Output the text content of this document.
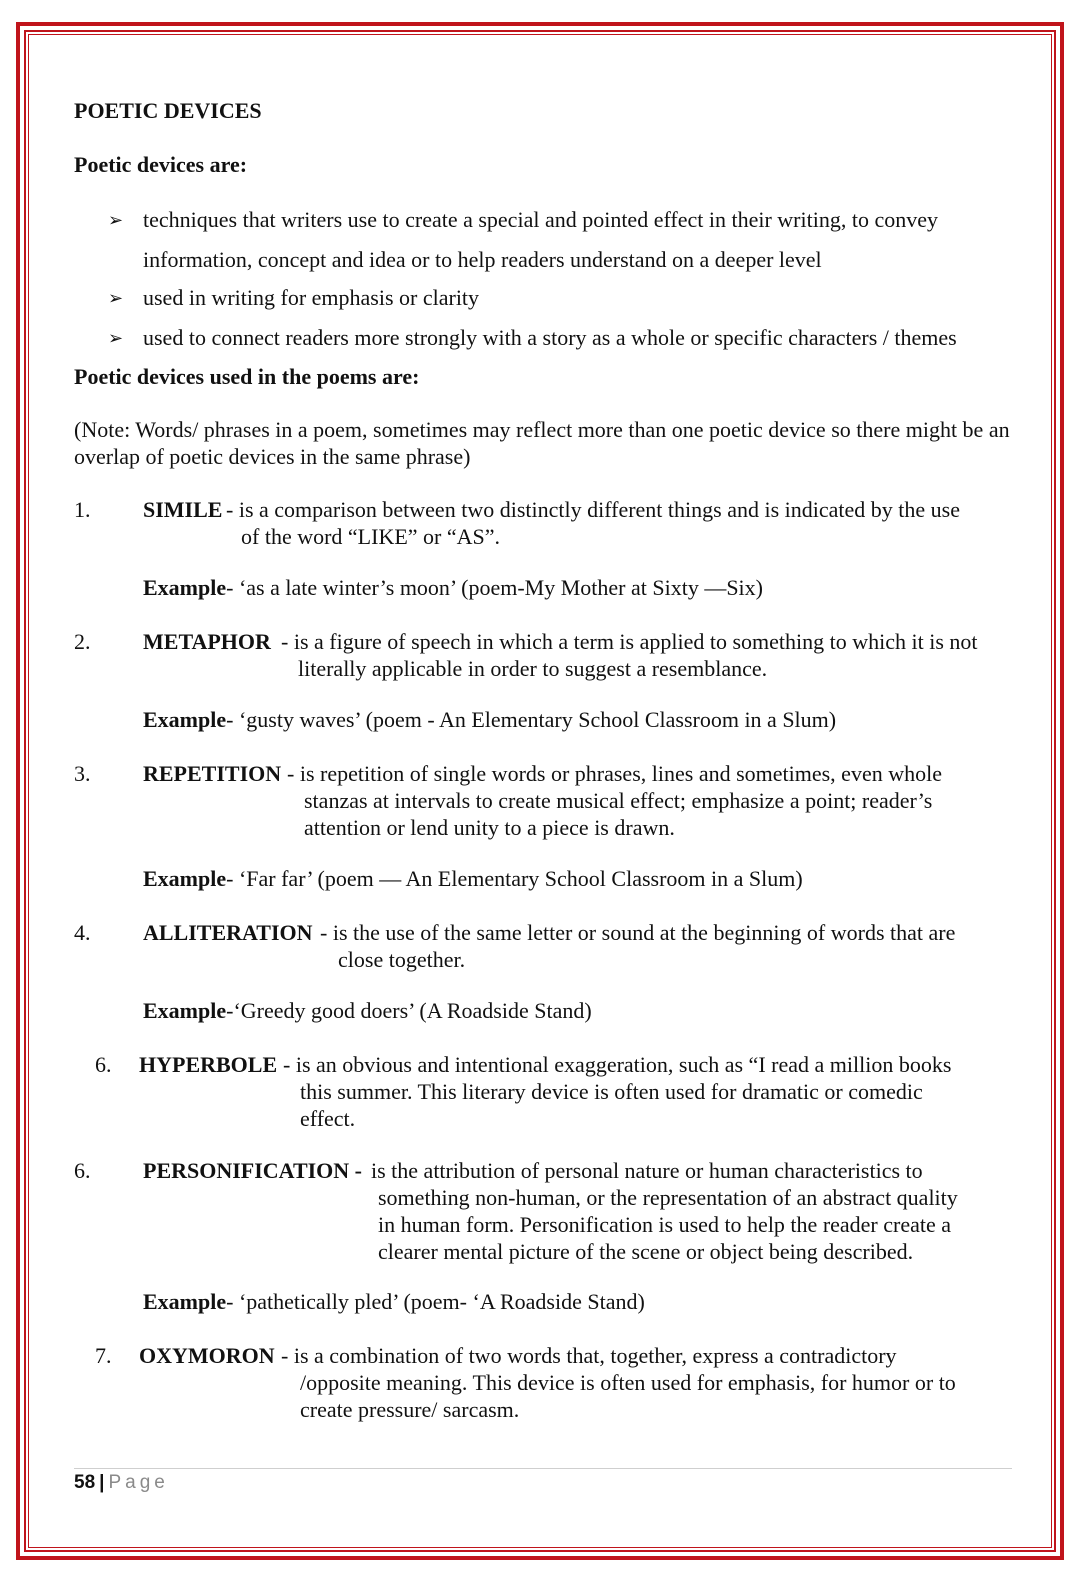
POETIC DEVICES
Poetic devices are:
➢ techniques that writers use to create a special and pointed effect in their writing, to convey
information, concept and idea or to help readers understand on a deeper level
➢ used in writing for emphasis or clarity
➢ used to connect readers more strongly with a story as a whole or specific characters / themes
Poetic devices used in the poems are:
(Note: Words/ phrases in a poem, sometimes may reflect more than one poetic device so there might be an overlap of poetic devices in the same phrase)
1. SIMILE - is a comparison between two distinctly different things and is indicated by the use
of the word “LIKE” or “AS”.
Example- ‘as a late winter’s moon’ (poem-My Mother at Sixty —Six)
2. METAPHOR - is a figure of speech in which a term is applied to something to which it is not
literally applicable in order to suggest a resemblance.
Example- ‘gusty waves’ (poem - An Elementary School Classroom in a Slum)
3. REPETITION - is repetition of single words or phrases, lines and sometimes, even whole
stanzas at intervals to create musical effect; emphasize a point; reader’s
attention or lend unity to a piece is drawn.
Example- ‘Far far’ (poem — An Elementary School Classroom in a Slum)
4. ALLITERATION - is the use of the same letter or sound at the beginning of words that are
close together.
Example-‘Greedy good doers’ (A Roadside Stand)
6. HYPERBOLE - is an obvious and intentional exaggeration, such as “I read a million books
this summer. This literary device is often used for dramatic or comedic
effect.
6. PERSONIFICATION - is the attribution of personal nature or human characteristics to
something non-human, or the representation of an abstract quality
in human form. Personification is used to help the reader create a
clearer mental picture of the scene or object being described.
Example- ‘pathetically pled’ (poem- ‘A Roadside Stand)
7. OXYMORON - is a combination of two words that, together, express a contradictory
/opposite meaning. This device is often used for emphasis, for humor or to
create pressure/ sarcasm.
58 | Page
